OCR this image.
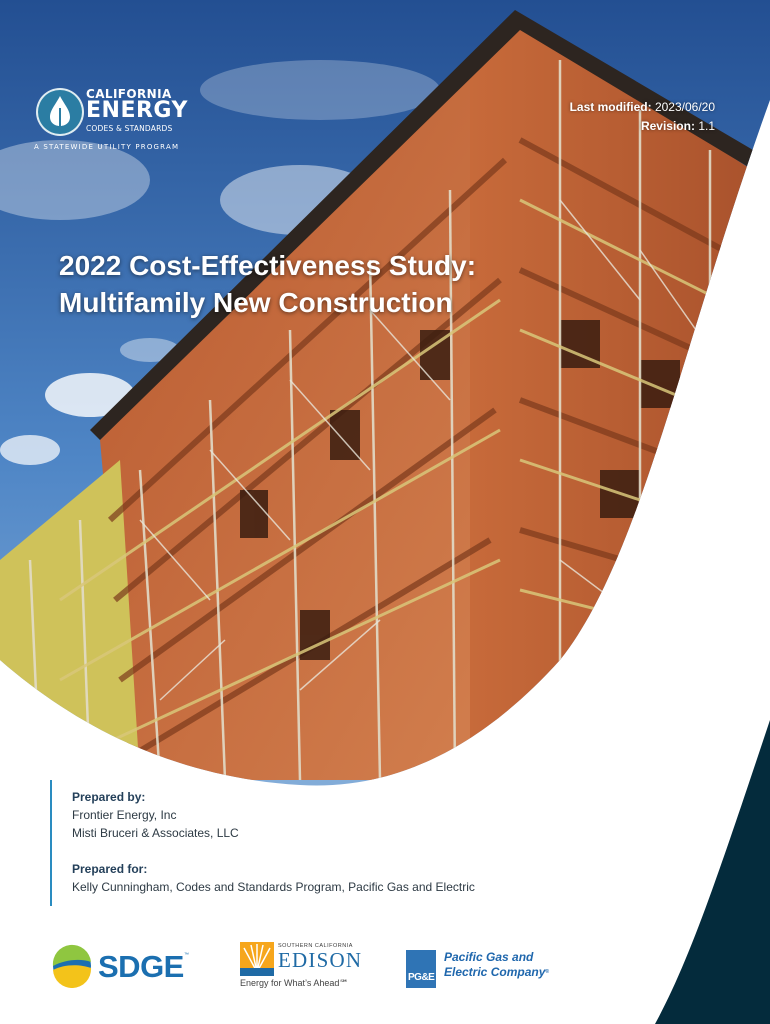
CALIFORNIA
ENERGY
CODES & STANDARDS
A STATEWIDE UTILITY PROGRAM
Last modified: 2023/06/20
Revision: 1.1
2022 Cost-Effectiveness Study:
Multifamily New Construction
Prepared by:
Frontier Energy, Inc
Misti Bruceri & Associates, LLC
Prepared for:
Kelly Cunningham, Codes and Standards Program, Pacific Gas and Electric
SDGE ™
SOUTHERN CALIFORNIA
EDISON
Energy for What’s Ahead℠	PG&E
Pacific Gas and
Electric Company®
